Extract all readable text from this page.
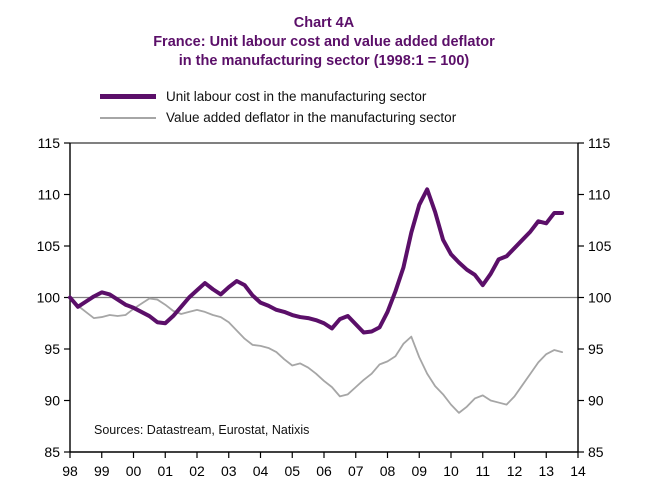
Chart 4A
France: Unit labour cost and value added deflator
in the manufacturing sector (1998:1 = 100)
Unit labour cost in the manufacturing sector
Value added deflator in the manufacturing sector
85	85
90	90
95	95
100	100
105	105
110	110
115	115
98 99 00 01 02 03 04 05 06 07 08 09 10 11 12 13 14
Sources: Datastream, Eurostat, Natixis
